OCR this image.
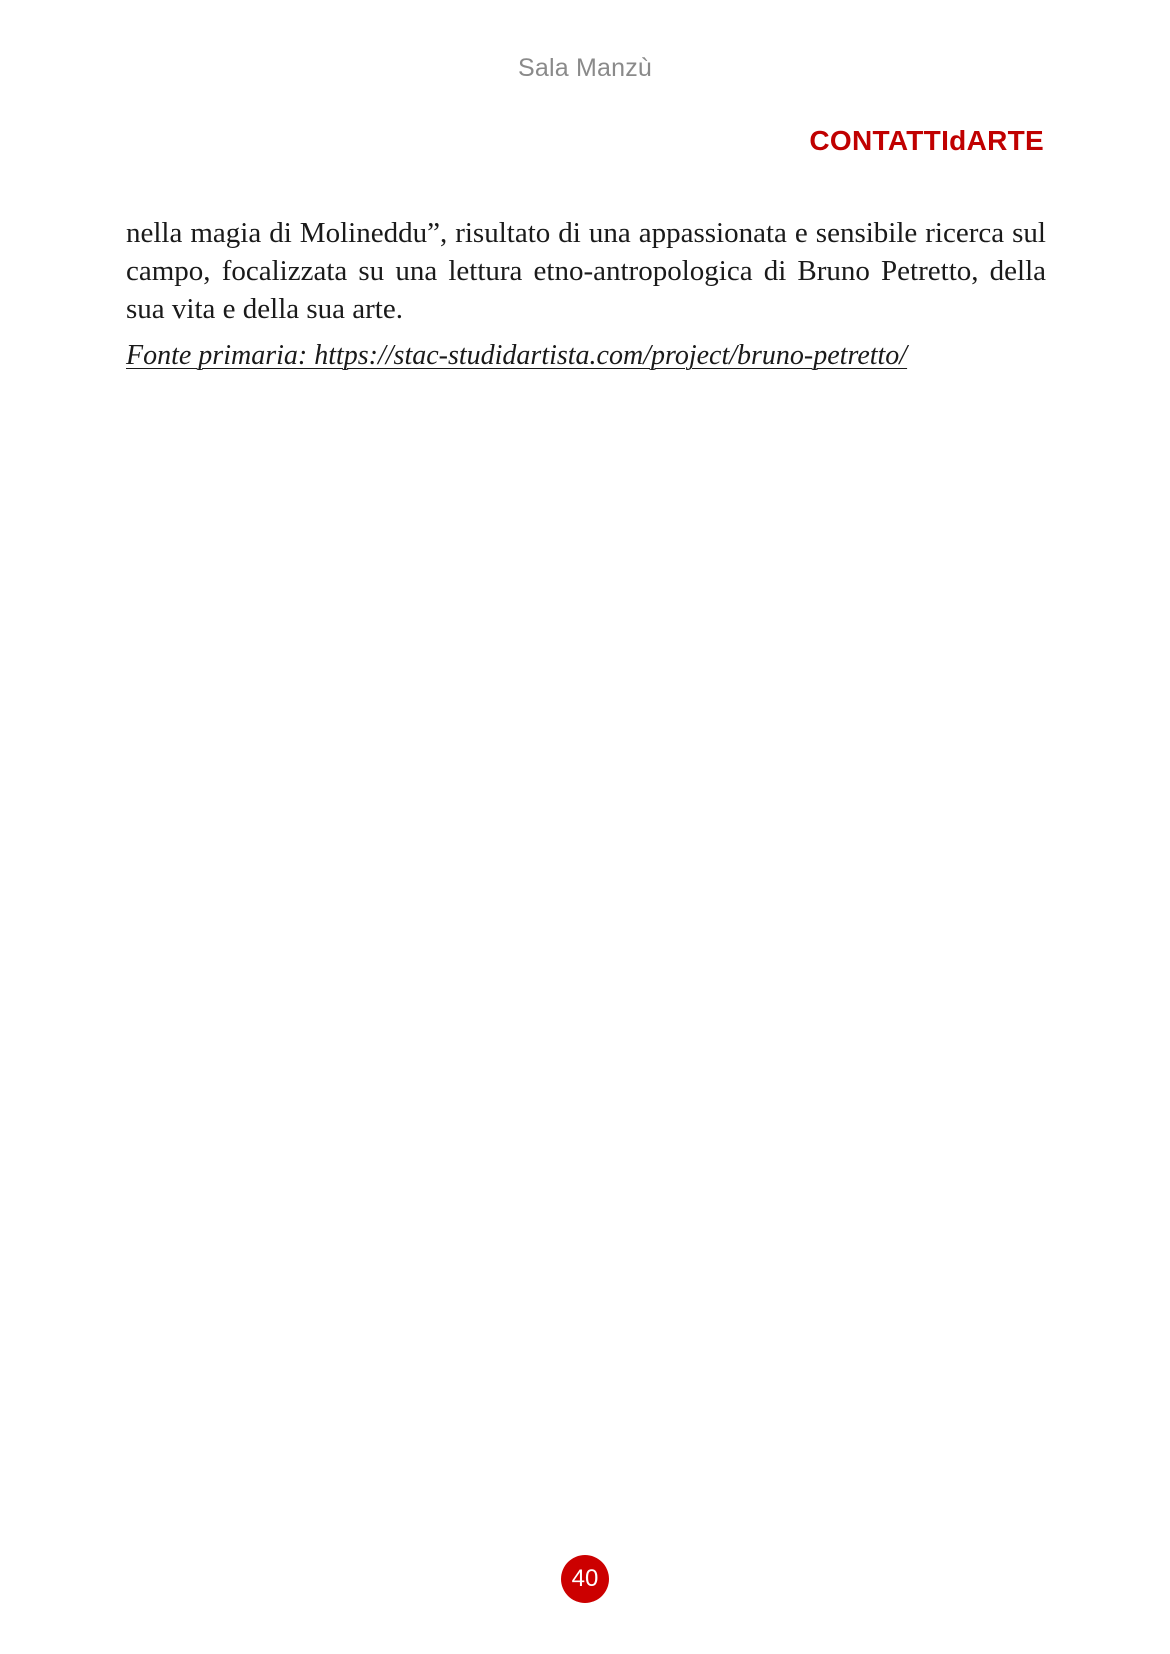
Sala Manzù
CONTATTIdARTE

nella magia di Molineddu”, risultato di una appassionata e sensibile ricerca sul campo, focalizzata su una lettura etno-antropologica di Bruno Petretto, della sua vita e della sua arte.

Fonte primaria: https://stac-studidartista.com/project/bruno-petretto/
40
